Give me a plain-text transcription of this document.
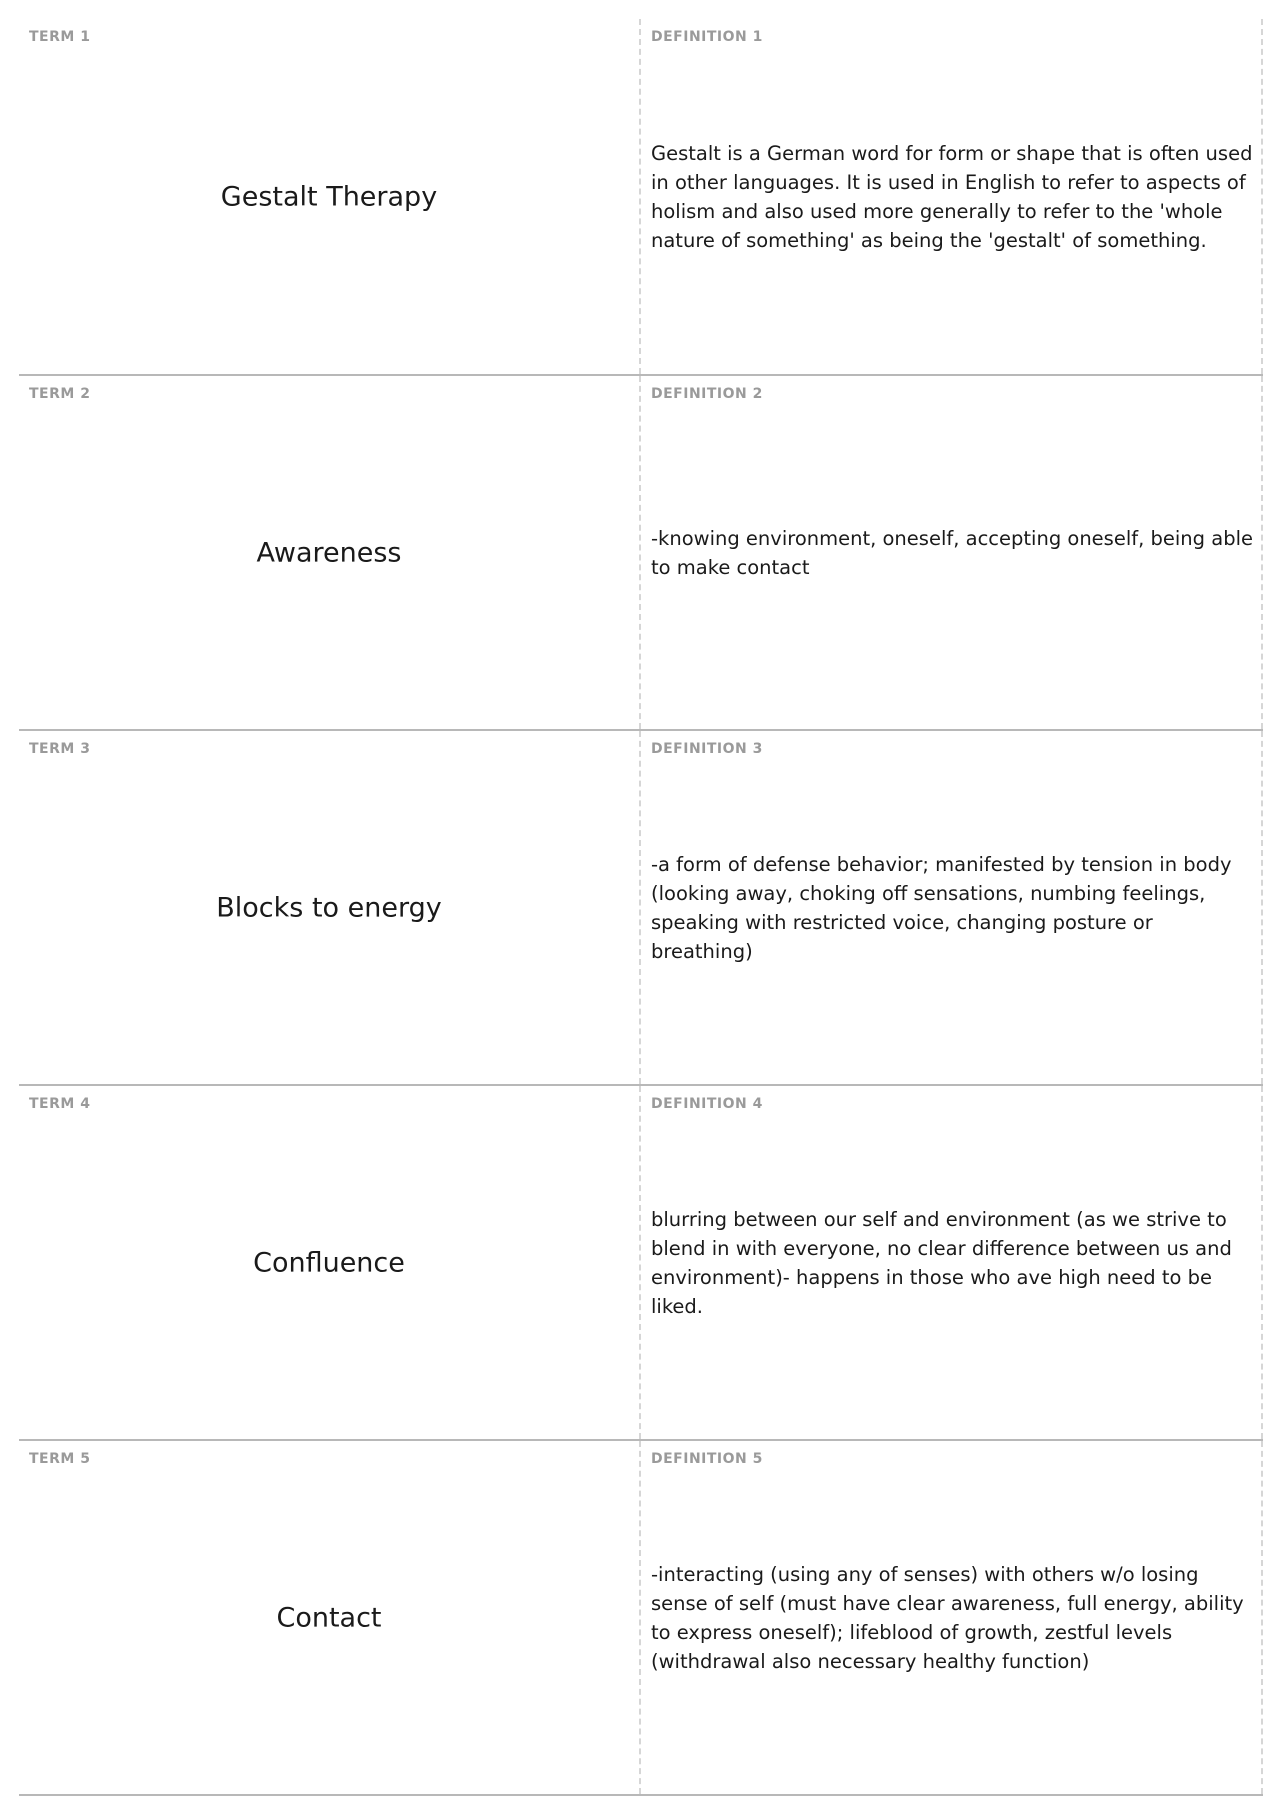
TERM 1
Gestalt Therapy
DEFINITION 1
Gestalt is a German word for form or shape that is often used in other languages. It is used in English to refer to aspects of holism and also used more generally to refer to the 'whole nature of something' as being the 'gestalt' of something.
TERM 2
Awareness
DEFINITION 2
-knowing environment, oneself, accepting oneself, being able to make contact
TERM 3
Blocks to energy
DEFINITION 3
-a form of defense behavior; manifested by tension in body (looking away, choking off sensations, numbing feelings, speaking with restricted voice, changing posture or breathing)
TERM 4
Confluence
DEFINITION 4
blurring between our self and environment (as we strive to blend in with everyone, no clear difference between us and environment)- happens in those who ave high need to be liked.
TERM 5
Contact
DEFINITION 5
-interacting (using any of senses) with others w/o losing sense of self (must have clear awareness, full energy, ability to express oneself); lifeblood of growth, zestful levels (withdrawal also necessary healthy function)
